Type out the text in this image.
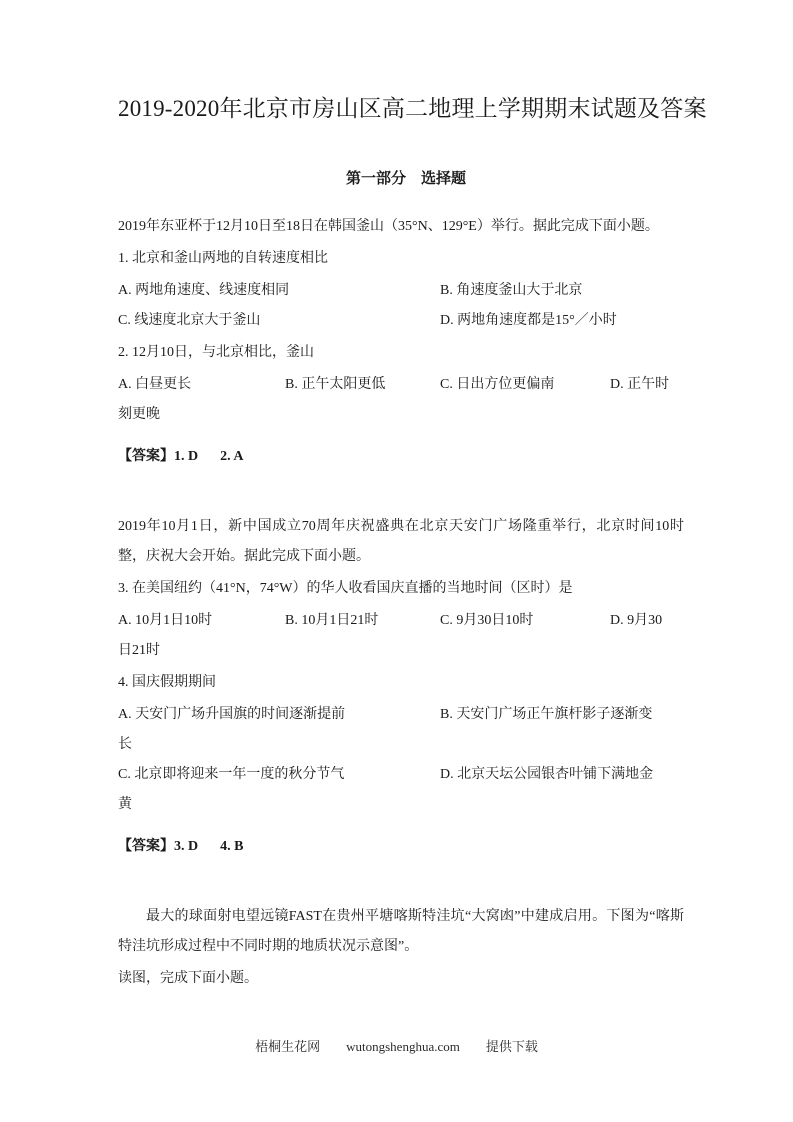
2019-2020年北京市房山区高二地理上学期期末试题及答案
第一部分　选择题

2019年东亚杯于12月10日至18日在韩国釜山（35°N、129°E）举行。据此完成下面小题。

1. 北京和釜山两地的自转速度相比
A. 两地角速度、线速度相同	B. 角速度釜山大于北京
C. 线速度北京大于釜山	D. 两地角速度都是15°／小时
2. 12月10日，与北京相比，釜山
A. 白昼更长	B. 正午太阳更低	C. 日出方位更偏南	D. 正午时
刻更晚
【答案】1. D 2. A

2019年10月1日，新中国成立70周年庆祝盛典在北京天安门广场隆重举行，北京时间10时整，庆祝大会开始。据此完成下面小题。

3. 在美国纽约（41°N，74°W）的华人收看国庆直播的当地时间（区时）是
A. 10月1日10时	B. 10月1日21时	C. 9月30日10时	D. 9月30
日21时
4. 国庆假期期间
A. 天安门广场升国旗的时间逐渐提前	B. 天安门广场正午旗杆影子逐渐变
长
C. 北京即将迎来一年一度的秋分节气	D. 北京天坛公园银杏叶铺下满地金
黄
【答案】3. D 4. B

最大的球面射电望远镜FAST在贵州平塘喀斯特洼坑“大窝凼”中建成启用。下图为“喀斯特洼坑形成过程中不同时期的地质状况示意图”。

读图，完成下面小题。

梧桐生花网 wutongshenghua.com 提供下载
